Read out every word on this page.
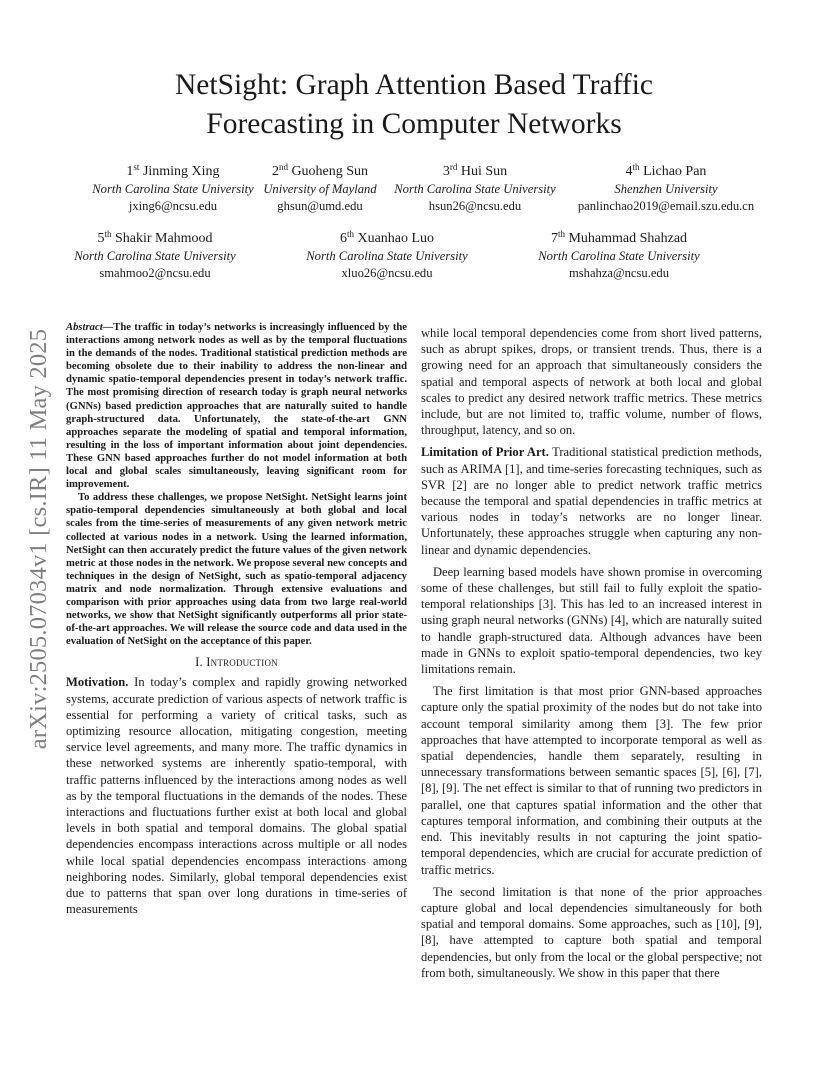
NetSight: Graph Attention Based Traffic
Forecasting in Computer Networks
1st Jinming Xing
North Carolina State University
jxing6@ncsu.edu
2nd Guoheng Sun
University of Mayland
ghsun@umd.edu
3rd Hui Sun
North Carolina State University
hsun26@ncsu.edu
4th Lichao Pan
Shenzhen University
panlinchao2019@email.szu.edu.cn
5th Shakir Mahmood
North Carolina State University
smahmoo2@ncsu.edu
6th Xuanhao Luo
North Carolina State University
xluo26@ncsu.edu
7th Muhammad Shahzad
North Carolina State University
mshahza@ncsu.edu
arXiv:2505.07034v1 [cs.IR] 11 May 2025

Abstract—The traffic in today’s networks is increasingly influenced by the interactions among network nodes as well as by the temporal fluctuations in the demands of the nodes. Traditional statistical prediction methods are becoming obsolete due to their inability to address the non-linear and dynamic spatio-temporal dependencies present in today’s network traffic. The most promising direction of research today is graph neural networks (GNNs) based prediction approaches that are naturally suited to handle graph-structured data. Unfortunately, the state-of-the-art GNN approaches separate the modeling of spatial and temporal information, resulting in the loss of important information about joint dependencies. These GNN based approaches further do not model information at both local and global scales simultaneously, leaving significant room for improvement.

To address these challenges, we propose NetSight. NetSight learns joint spatio-temporal dependencies simultaneously at both global and local scales from the time-series of measurements of any given network metric collected at various nodes in a network. Using the learned information, NetSight can then accurately predict the future values of the given network metric at those nodes in the network. We propose several new concepts and techniques in the design of NetSight, such as spatio-temporal adjacency matrix and node normalization. Through extensive evaluations and comparison with prior approaches using data from two large real-world networks, we show that NetSight significantly outperforms all prior state-of-the-art approaches. We will release the source code and data used in the evaluation of NetSight on the acceptance of this paper.

I. Introduction

Motivation. In today’s complex and rapidly growing networked systems, accurate prediction of various aspects of network traffic is essential for performing a variety of critical tasks, such as optimizing resource allocation, mitigating congestion, meeting service level agreements, and many more. The traffic dynamics in these networked systems are inherently spatio-temporal, with traffic patterns influenced by the interactions among nodes as well as by the temporal fluctuations in the demands of the nodes. These interactions and fluctuations further exist at both local and global levels in both spatial and temporal domains. The global spatial dependencies encompass interactions across multiple or all nodes while local spatial dependencies encompass interactions among neighboring nodes. Similarly, global temporal dependencies exist due to patterns that span over long durations in time-series of measurements

while local temporal dependencies come from short lived patterns, such as abrupt spikes, drops, or transient trends. Thus, there is a growing need for an approach that simultaneously considers the spatial and temporal aspects of network at both local and global scales to predict any desired network traffic metrics. These metrics include, but are not limited to, traffic volume, number of flows, throughput, latency, and so on.

Limitation of Prior Art. Traditional statistical prediction methods, such as ARIMA [1], and time-series forecasting techniques, such as SVR [2] are no longer able to predict network traffic metrics because the temporal and spatial dependencies in traffic metrics at various nodes in today’s networks are no longer linear. Unfortunately, these approaches struggle when capturing any non-linear and dynamic dependencies.

Deep learning based models have shown promise in overcoming some of these challenges, but still fail to fully exploit the spatio-temporal relationships [3]. This has led to an increased interest in using graph neural networks (GNNs) [4], which are naturally suited to handle graph-structured data. Although advances have been made in GNNs to exploit spatio-temporal dependencies, two key limitations remain.

The first limitation is that most prior GNN-based approaches capture only the spatial proximity of the nodes but do not take into account temporal similarity among them [3]. The few prior approaches that have attempted to incorporate temporal as well as spatial dependencies, handle them separately, resulting in unnecessary transformations between semantic spaces [5], [6], [7], [8], [9]. The net effect is similar to that of running two predictors in parallel, one that captures spatial information and the other that captures temporal information, and combining their outputs at the end. This inevitably results in not capturing the joint spatio-temporal dependencies, which are crucial for accurate prediction of traffic metrics.

The second limitation is that none of the prior approaches capture global and local dependencies simultaneously for both spatial and temporal domains. Some approaches, such as [10], [9], [8], have attempted to capture both spatial and temporal dependencies, but only from the local or the global perspective; not from both, simultaneously. We show in this paper that there
